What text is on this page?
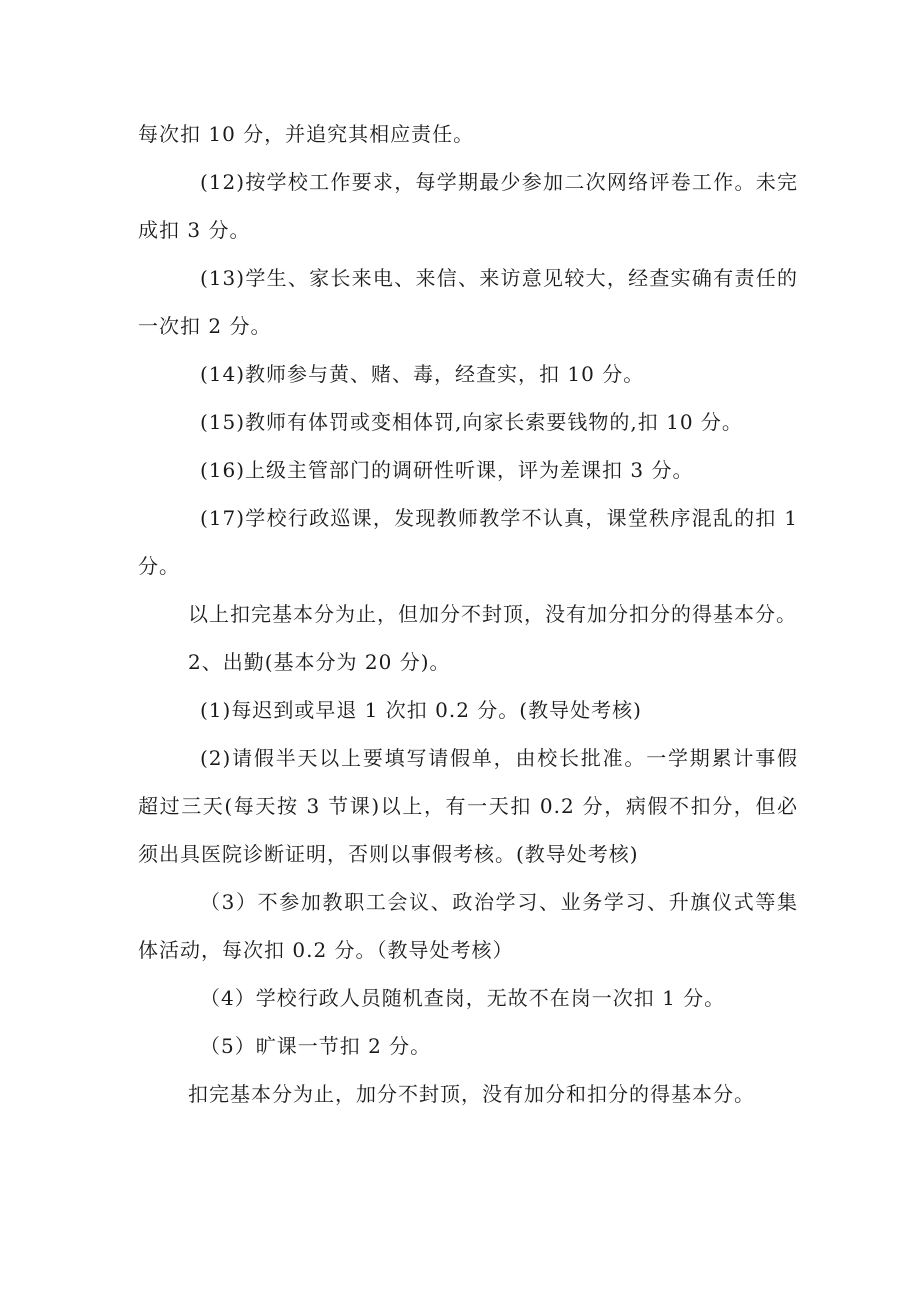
每次扣 10 分，并追究其相应责任。

(12)按学校工作要求，每学期最少参加二次网络评卷工作。未完成扣 3 分。

(13)学生、家长来电、来信、来访意见较大，经查实确有责任的一次扣 2 分。

(14)教师参与黄、赌、毒，经查实，扣 10 分。

(15)教师有体罚或变相体罚,向家长索要钱物的,扣 10 分。

(16)上级主管部门的调研性听课，评为差课扣 3 分。

(17)学校行政巡课，发现教师教学不认真，课堂秩序混乱的扣 1 分。

以上扣完基本分为止，但加分不封顶，没有加分扣分的得基本分。

2、出勤(基本分为 20 分)。

(1)每迟到或早退 1 次扣 0.2 分。(教导处考核)

(2)请假半天以上要填写请假单，由校长批准。一学期累计事假超过三天(每天按 3 节课)以上，有一天扣 0.2 分，病假不扣分，但必须出具医院诊断证明，否则以事假考核。(教导处考核)

（3）不参加教职工会议、政治学习、业务学习、升旗仪式等集体活动，每次扣 0.2 分。（教导处考核）

（4）学校行政人员随机查岗，无故不在岗一次扣 1 分。

（5）旷课一节扣 2 分。

扣完基本分为止，加分不封顶，没有加分和扣分的得基本分。
